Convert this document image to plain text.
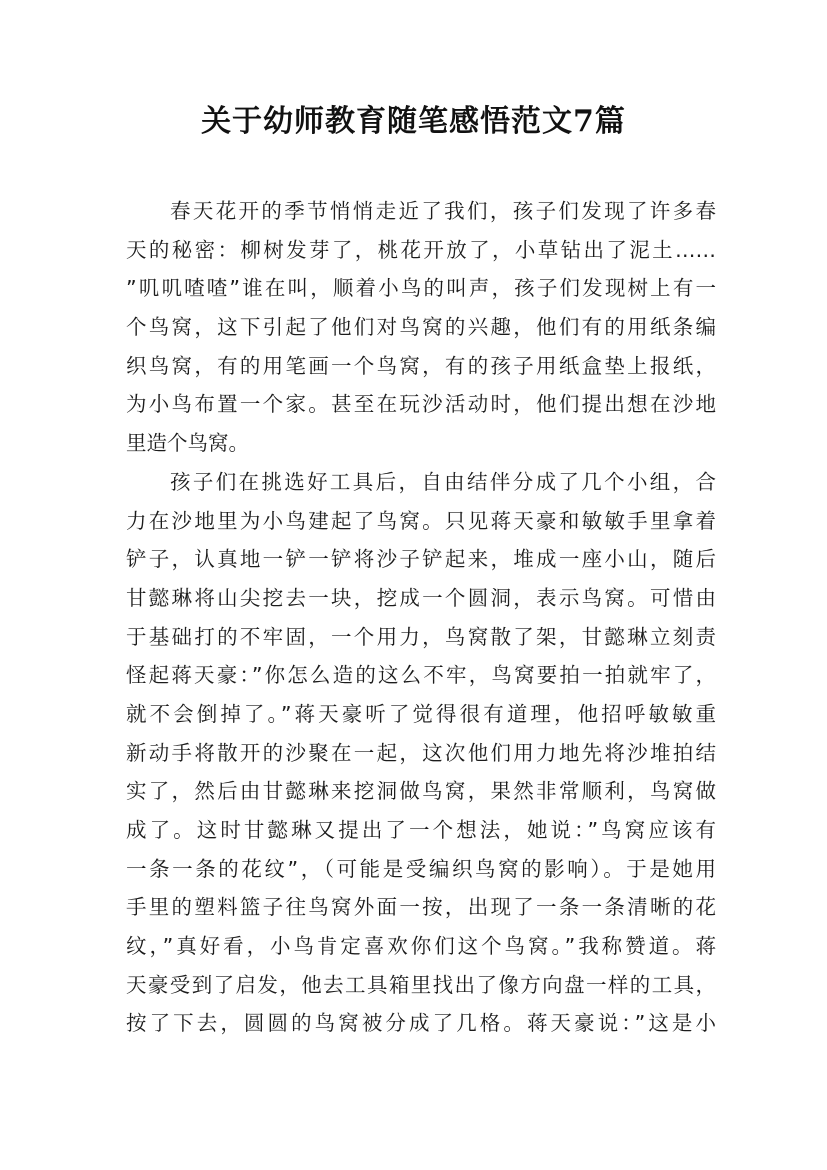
关于幼师教育随笔感悟范文7篇
春天花开的季节悄悄走近了我们，孩子们发现了许多春
天的秘密：柳树发芽了，桃花开放了，小草钻出了泥土……
”叽叽喳喳”谁在叫，顺着小鸟的叫声，孩子们发现树上有一
个鸟窝，这下引起了他们对鸟窝的兴趣，他们有的用纸条编
织鸟窝，有的用笔画一个鸟窝，有的孩子用纸盒垫上报纸，
为小鸟布置一个家。甚至在玩沙活动时，他们提出想在沙地
里造个鸟窝。
孩子们在挑选好工具后，自由结伴分成了几个小组，合
力在沙地里为小鸟建起了鸟窝。只见蒋天豪和敏敏手里拿着
铲子，认真地一铲一铲将沙子铲起来，堆成一座小山，随后
甘懿琳将山尖挖去一块，挖成一个圆洞，表示鸟窝。可惜由
于基础打的不牢固，一个用力，鸟窝散了架，甘懿琳立刻责
怪起蒋天豪：”你怎么造的这么不牢，鸟窝要拍一拍就牢了，
就不会倒掉了。”蒋天豪听了觉得很有道理，他招呼敏敏重
新动手将散开的沙聚在一起，这次他们用力地先将沙堆拍结
实了，然后由甘懿琳来挖洞做鸟窝，果然非常顺利，鸟窝做
成了。这时甘懿琳又提出了一个想法，她说：”鸟窝应该有
一条一条的花纹”，（可能是受编织鸟窝的影响）。于是她用
手里的塑料篮子往鸟窝外面一按，出现了一条一条清晰的花
纹，”真好看，小鸟肯定喜欢你们这个鸟窝。”我称赞道。蒋
天豪受到了启发，他去工具箱里找出了像方向盘一样的工具，
按了下去，圆圆的鸟窝被分成了几格。蒋天豪说：”这是小
